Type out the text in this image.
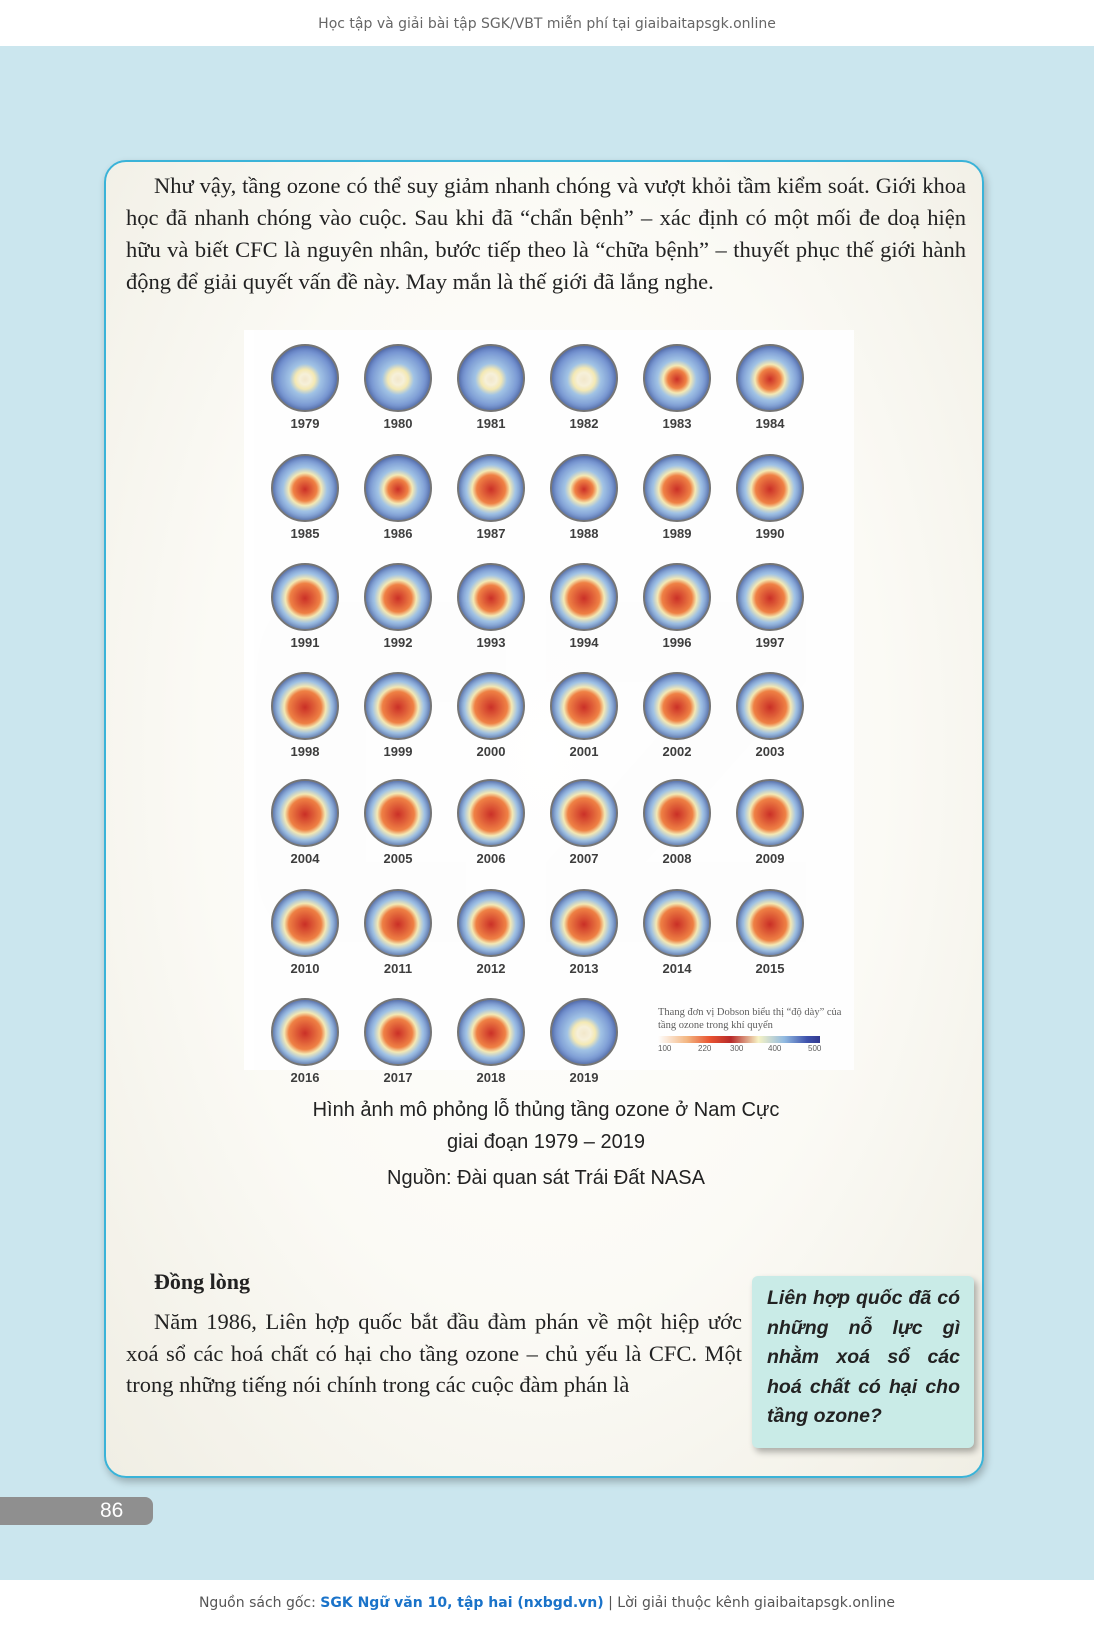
Học tập và giải bài tập SGK/VBT miễn phí tại giaibaitapsgk.online

Như vậy, tầng ozone có thể suy giảm nhanh chóng và vượt khỏi tầm kiểm soát. Giới khoa học đã nhanh chóng vào cuộc. Sau khi đã “chẩn bệnh” – xác định có một mối đe doạ hiện hữu và biết CFC là nguyên nhân, bước tiếp theo là “chữa bệnh” – thuyết phục thế giới hành động để giải quyết vấn đề này. May mắn là thế giới đã lắng nghe.

1979	1980	1981	1982	1983	1984
1985	1986	1987	1988	1989	1990
1991	1992	1993	1994	1996	1997
1998	1999	2000	2001	2002	2003
2004	2005	2006	2007	2008	2009
2010	2011	2012	2013	2014	2015
2016	2017	2018	2019
Thang đơn vị Dobson biểu thị “độ dày” của tầng ozone trong khí quyển
100	220 300	400	500
Hình ảnh mô phỏng lỗ thủng tầng ozone ở Nam Cực
giai đoạn 1979 – 2019
Nguồn: Đài quan sát Trái Đất NASA
Đồng lòng

Năm 1986, Liên hợp quốc bắt đầu đàm phán về một hiệp ước xoá sổ các hoá chất có hại cho tầng ozone – chủ yếu là CFC. Một trong những tiếng nói chính trong các cuộc đàm phán là

Liên hợp quốc đã có những nỗ lực gì nhằm xoá sổ các hoá chất có hại cho tầng ozone?
86
Nguồn sách gốc: SGK Ngữ văn 10, tập hai (nxbgd.vn) | Lời giải thuộc kênh giaibaitapsgk.online
